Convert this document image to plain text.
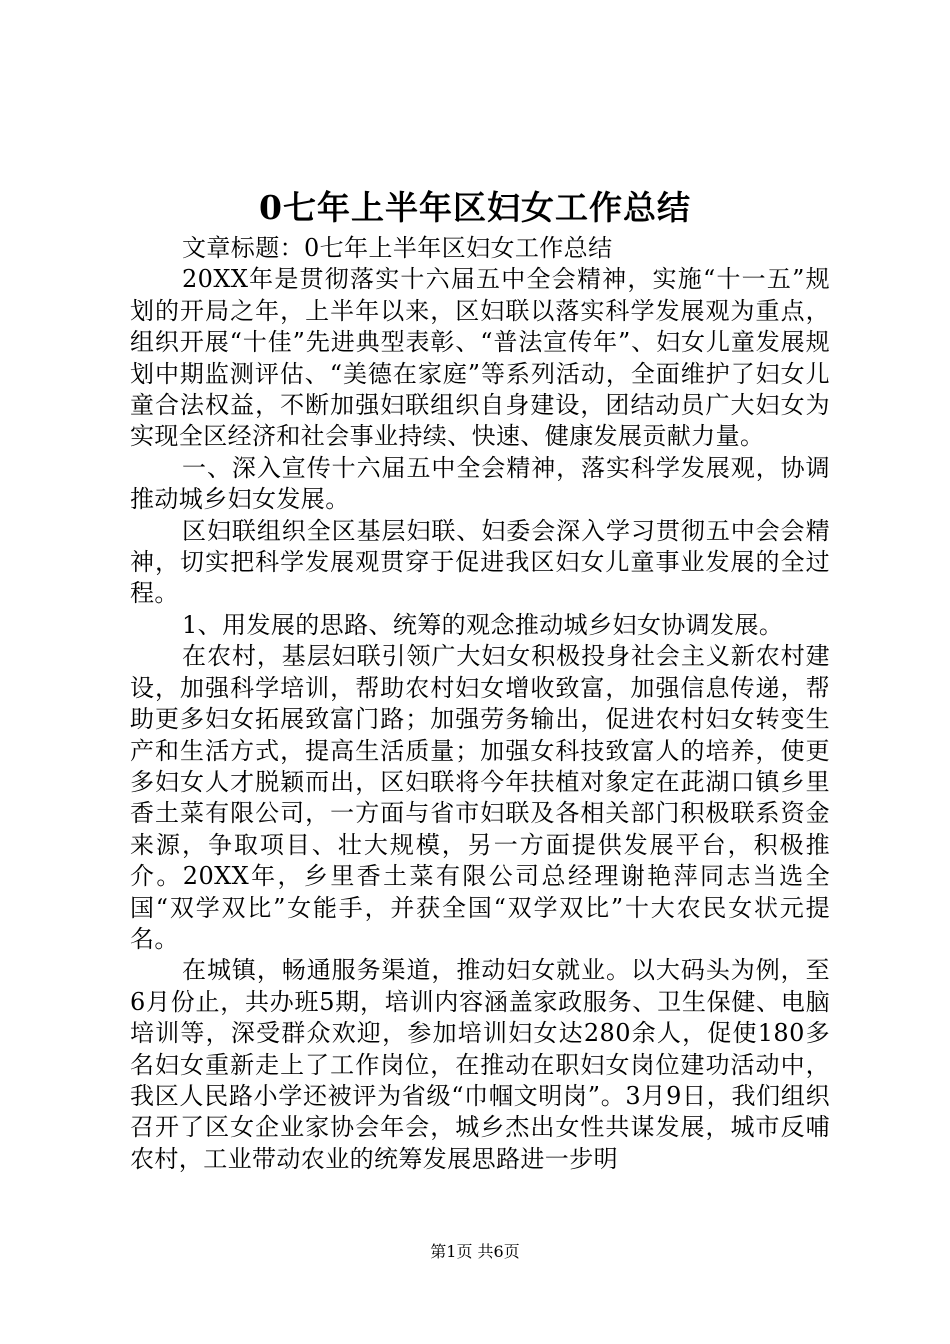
0七年上半年区妇女工作总结

文章标题：0七年上半年区妇女工作总结

20XX年是贯彻落实十六届五中全会精神，实施“十一五”规划的开局之年，上半年以来，区妇联以落实科学发展观为重点，组织开展“十佳”先进典型表彰、“普法宣传年”、妇女儿童发展规划中期监测评估、“美德在家庭”等系列活动，全面维护了妇女儿童合法权益，不断加强妇联组织自身建设，团结动员广大妇女为实现全区经济和社会事业持续、快速、健康发展贡献力量。

一、深入宣传十六届五中全会精神，落实科学发展观，协调推动城乡妇女发展。

区妇联组织全区基层妇联、妇委会深入学习贯彻五中会会精神，切实把科学发展观贯穿于促进我区妇女儿童事业发展的全过程。

1、用发展的思路、统筹的观念推动城乡妇女协调发展。

在农村，基层妇联引领广大妇女积极投身社会主义新农村建设，加强科学培训，帮助农村妇女增收致富，加强信息传递，帮助更多妇女拓展致富门路；加强劳务输出，促进农村妇女转变生产和生活方式，提高生活质量；加强女科技致富人的培养，使更多妇女人才脱颖而出，区妇联将今年扶植对象定在茈湖口镇乡里香土菜有限公司，一方面与省市妇联及各相关部门积极联系资金来源，争取项目、壮大规模，另一方面提供发展平台，积极推介。20XX年，乡里香土菜有限公司总经理谢艳萍同志当选全国“双学双比”女能手，并获全国“双学双比”十大农民女状元提名。

在城镇，畅通服务渠道，推动妇女就业。以大码头为例，至6月份止，共办班5期，培训内容涵盖家政服务、卫生保健、电脑培训等，深受群众欢迎，参加培训妇女达280余人，促使180多名妇女重新走上了工作岗位，在推动在职妇女岗位建功活动中，我区人民路小学还被评为省级“巾帼文明岗”。3月9日，我们组织召开了区女企业家协会年会，城乡杰出女性共谋发展，城市反哺农村，工业带动农业的统筹发展思路进一步明

第1页 共6页
